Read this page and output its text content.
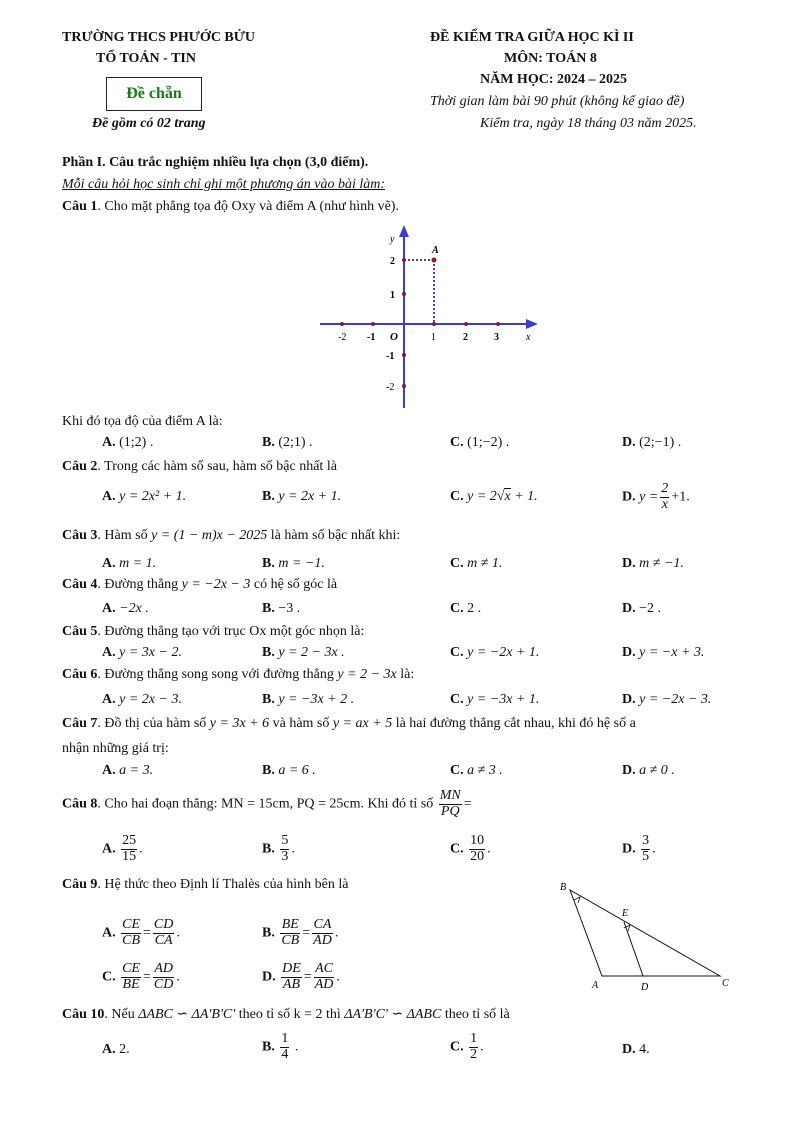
TRƯỜNG THCS PHƯỚC BỬU
TỔ TOÁN - TIN
Đề chẵn
Đề gồm có 02 trang
ĐỀ KIỂM TRA GIỮA HỌC KÌ II
MÔN: TOÁN 8
NĂM HỌC: 2024 – 2025
Thời gian làm bài 90 phút (không kể giao đề)
Kiểm tra, ngày 18 tháng 03 năm 2025.
Phần I. Câu trắc nghiệm nhiều lựa chọn (3,0 điểm).
Mỗi câu hỏi học sinh chỉ ghi một phương án vào bài làm:
Câu 1. Cho mặt phẳng tọa độ Oxy và điểm A (như hình vẽ).
y
x
A
O
-2 -1	1	2	3
2
1
-1
-2
Khi đó tọa độ của điểm A là:
A. (1;2) .	B. (2;1) .	C. (1;−2) .	D. (2;−1) .
Câu 2. Trong các hàm số sau, hàm số bậc nhất là
A. y = 2x² + 1.	B. y = 2x + 1.	C. y = 2√x + 1.	D. $y = \frac{2}{x} +1$.
Câu 3. Hàm số y = (1 − m)x − 2025 là hàm số bậc nhất khi:
A. m = 1.	B. m = −1.	C. m ≠ 1.	D. m ≠ −1.
Câu 4. Đường thẳng y = −2x − 3 có hệ số góc là
A. −2x .	B. −3 .	C. 2 .	D. −2 .
Câu 5. Đường thẳng tạo với trục Ox một góc nhọn là:
A. y = 3x − 2.	B. y = 2 − 3x .	C. y = −2x + 1.	D. y = −x + 3.
Câu 6. Đường thẳng song song với đường thẳng y = 2 − 3x là:
A. y = 2x − 3.	B. y = −3x + 2 .	C. y = −3x + 1.	D. y = −2x − 3.
Câu 7. Đồ thị của hàm số y = 3x + 6 và hàm số y = ax + 5 là hai đường thẳng cắt nhau, khi đó hệ số a
nhận những giá trị:
A. a = 3.	B. a = 6 .	C. a ≠ 3 .	D. a ≠ 0 .
Câu 8. Cho hai đoạn thẳng: MN = 15cm, PQ = 25cm. Khi đó tỉ số $\frac{MN}{PQ}$ =
A. $\frac{25}{15}$ .	B. $\frac{5}{3}$ .	C. $\frac{10}{20}$ .	D. $\frac{3}{5}$ .
Câu 9. Hệ thức theo Định lí Thalès của hình bên là
A. $\frac{CE}{CB} = \frac{CD}{CA}$ .	B. $\frac{BE}{CB} = \frac{CA}{AD}$ .
C. $\frac{CE}{BE} = \frac{AD}{CD}$ .	D. $\frac{DE}{AB} = \frac{AC}{AD}$ .
B
E
A	D	C
Câu 10. Nếu ΔABC ∽ ΔA'B'C' theo tỉ số k = 2 thì ΔA'B'C' ∽ ΔABC theo tỉ số là
A. 2.	B. $\frac{1}{4}$ .	C. $\frac{1}{2}$ .	D. 4.
